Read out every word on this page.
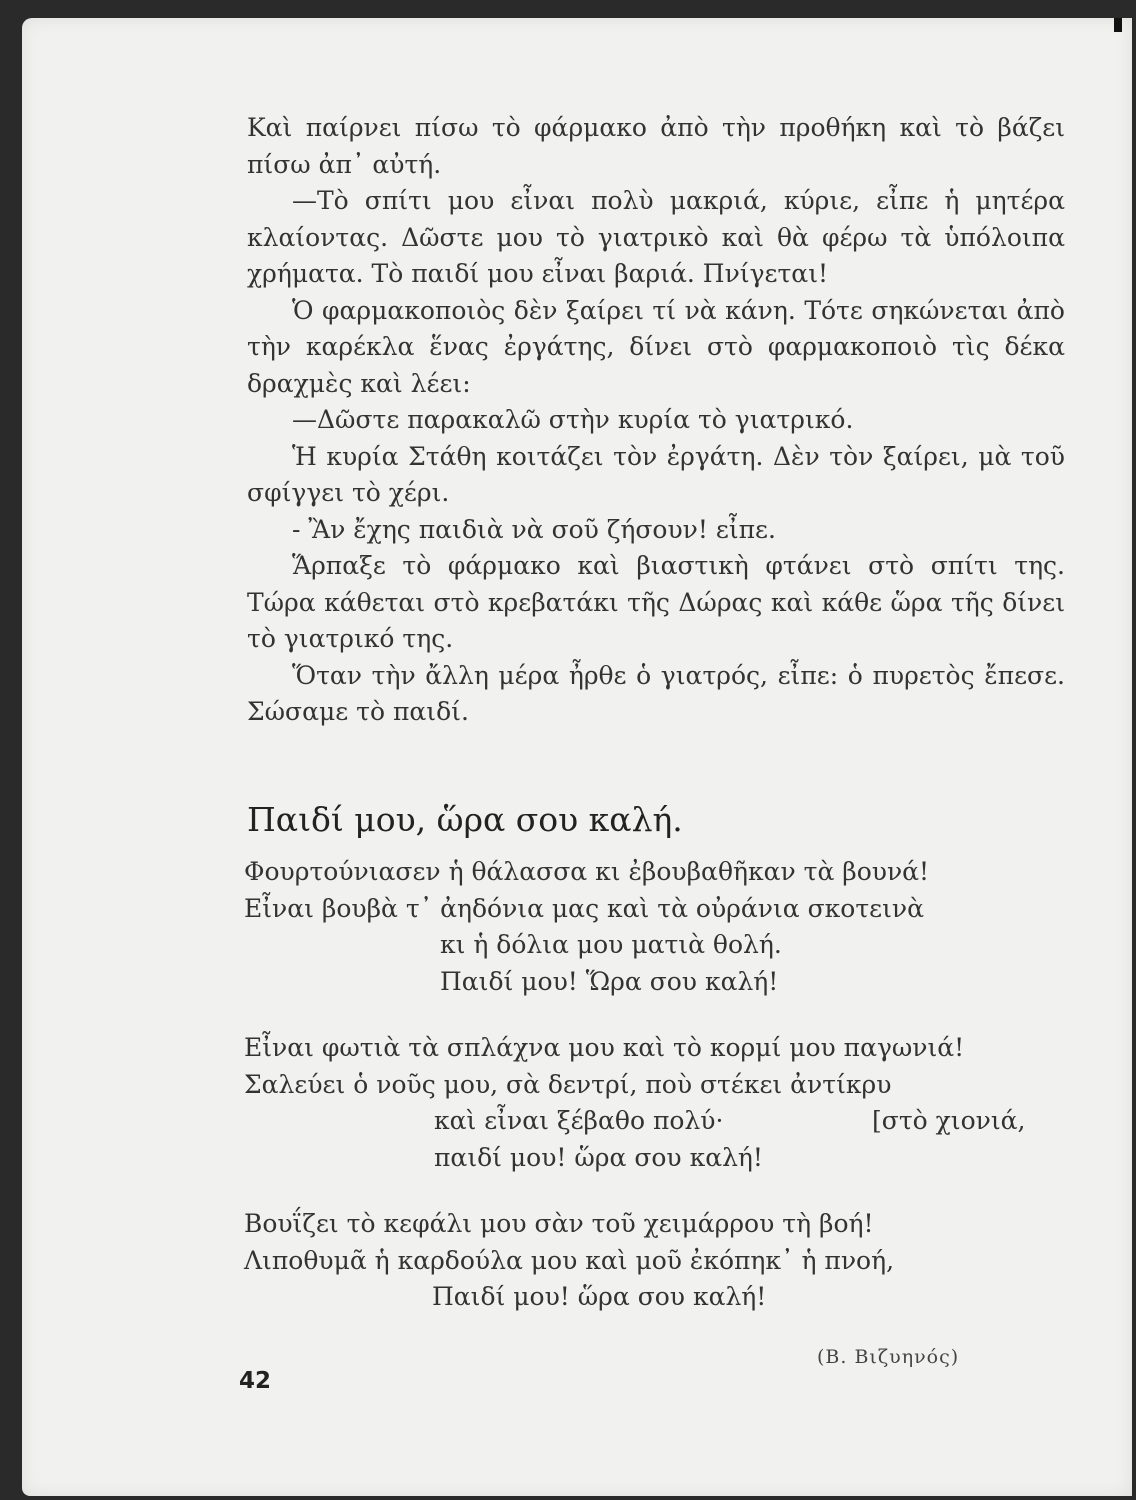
Καὶ παίρνει πίσω τὸ φάρμακο ἀπὸ τὴν προθήκη καὶ τὸ βάζει πίσω ἀπ᾽ αὐτή.

—Τὸ σπίτι μου εἶναι πολὺ μακριά, κύριε, εἶπε ἡ μητέρα κλαίοντας. Δῶστε μου τὸ γιατρικὸ καὶ θὰ φέρω τὰ ὑπόλοιπα χρήματα. Τὸ παιδί μου εἶναι βαριά. Πνίγεται!

Ὁ φαρμακοποιὸς δὲν ξαίρει τί νὰ κάνη. Τότε σηκώνεται ἀπὸ τὴν καρέκλα ἕνας ἐργάτης, δίνει στὸ φαρμακοποιὸ τὶς δέκα δραχμὲς καὶ λέει:

—Δῶστε παρακαλῶ στὴν κυρία τὸ γιατρικό.

Ἡ κυρία Στάθη κοιτάζει τὸν ἐργάτη. Δὲν τὸν ξαίρει, μὰ τοῦ σφίγγει τὸ χέρι.

- Ἂν ἔχης παιδιὰ νὰ σοῦ ζήσουν! εἶπε.

Ἅρπαξε τὸ φάρμακο καὶ βιαστικὴ φτάνει στὸ σπίτι της. Τώρα κάθεται στὸ κρεβατάκι τῆς Δώρας καὶ κάθε ὥρα τῆς δίνει τὸ γιατρικό της.

Ὅταν τὴν ἄλλη μέρα ἦρθε ὁ γιατρός, εἶπε: ὁ πυρετὸς ἔπεσε. Σώσαμε τὸ παιδί.

Παιδί μου, ὥρα σου καλή.
Φουρτούνιασεν ἡ θάλασσα κι ἐβουβαθῆκαν τὰ βουνά!
Εἶναι βουβὰ τ᾽ ἀηδόνια μας καὶ τὰ οὐράνια σκοτεινὰ
κι ἡ δόλια μου ματιὰ θολή.
Παιδί μου! Ὥρα σου καλή!
Εἶναι φωτιὰ τὰ σπλάχνα μου καὶ τὸ κορμί μου παγωνιά!
Σαλεύει ὁ νοῦς μου, σὰ δεντρί, ποὺ στέκει ἀντίκρυ
καὶ εἶναι ξέβαθο πολύ·	[στὸ χιονιά,
παιδί μου! ὥρα σου καλή!
Βουΐζει τὸ κεφάλι μου σὰν τοῦ χειμάρρου τὴ βοή!
Λιποθυμᾶ ἡ καρδούλα μου καὶ μοῦ ἐκόπηκ᾽ ἡ πνοή,
Παιδί μου! ὥρα σου καλή!
(Β. Βιζυηνός)
42
